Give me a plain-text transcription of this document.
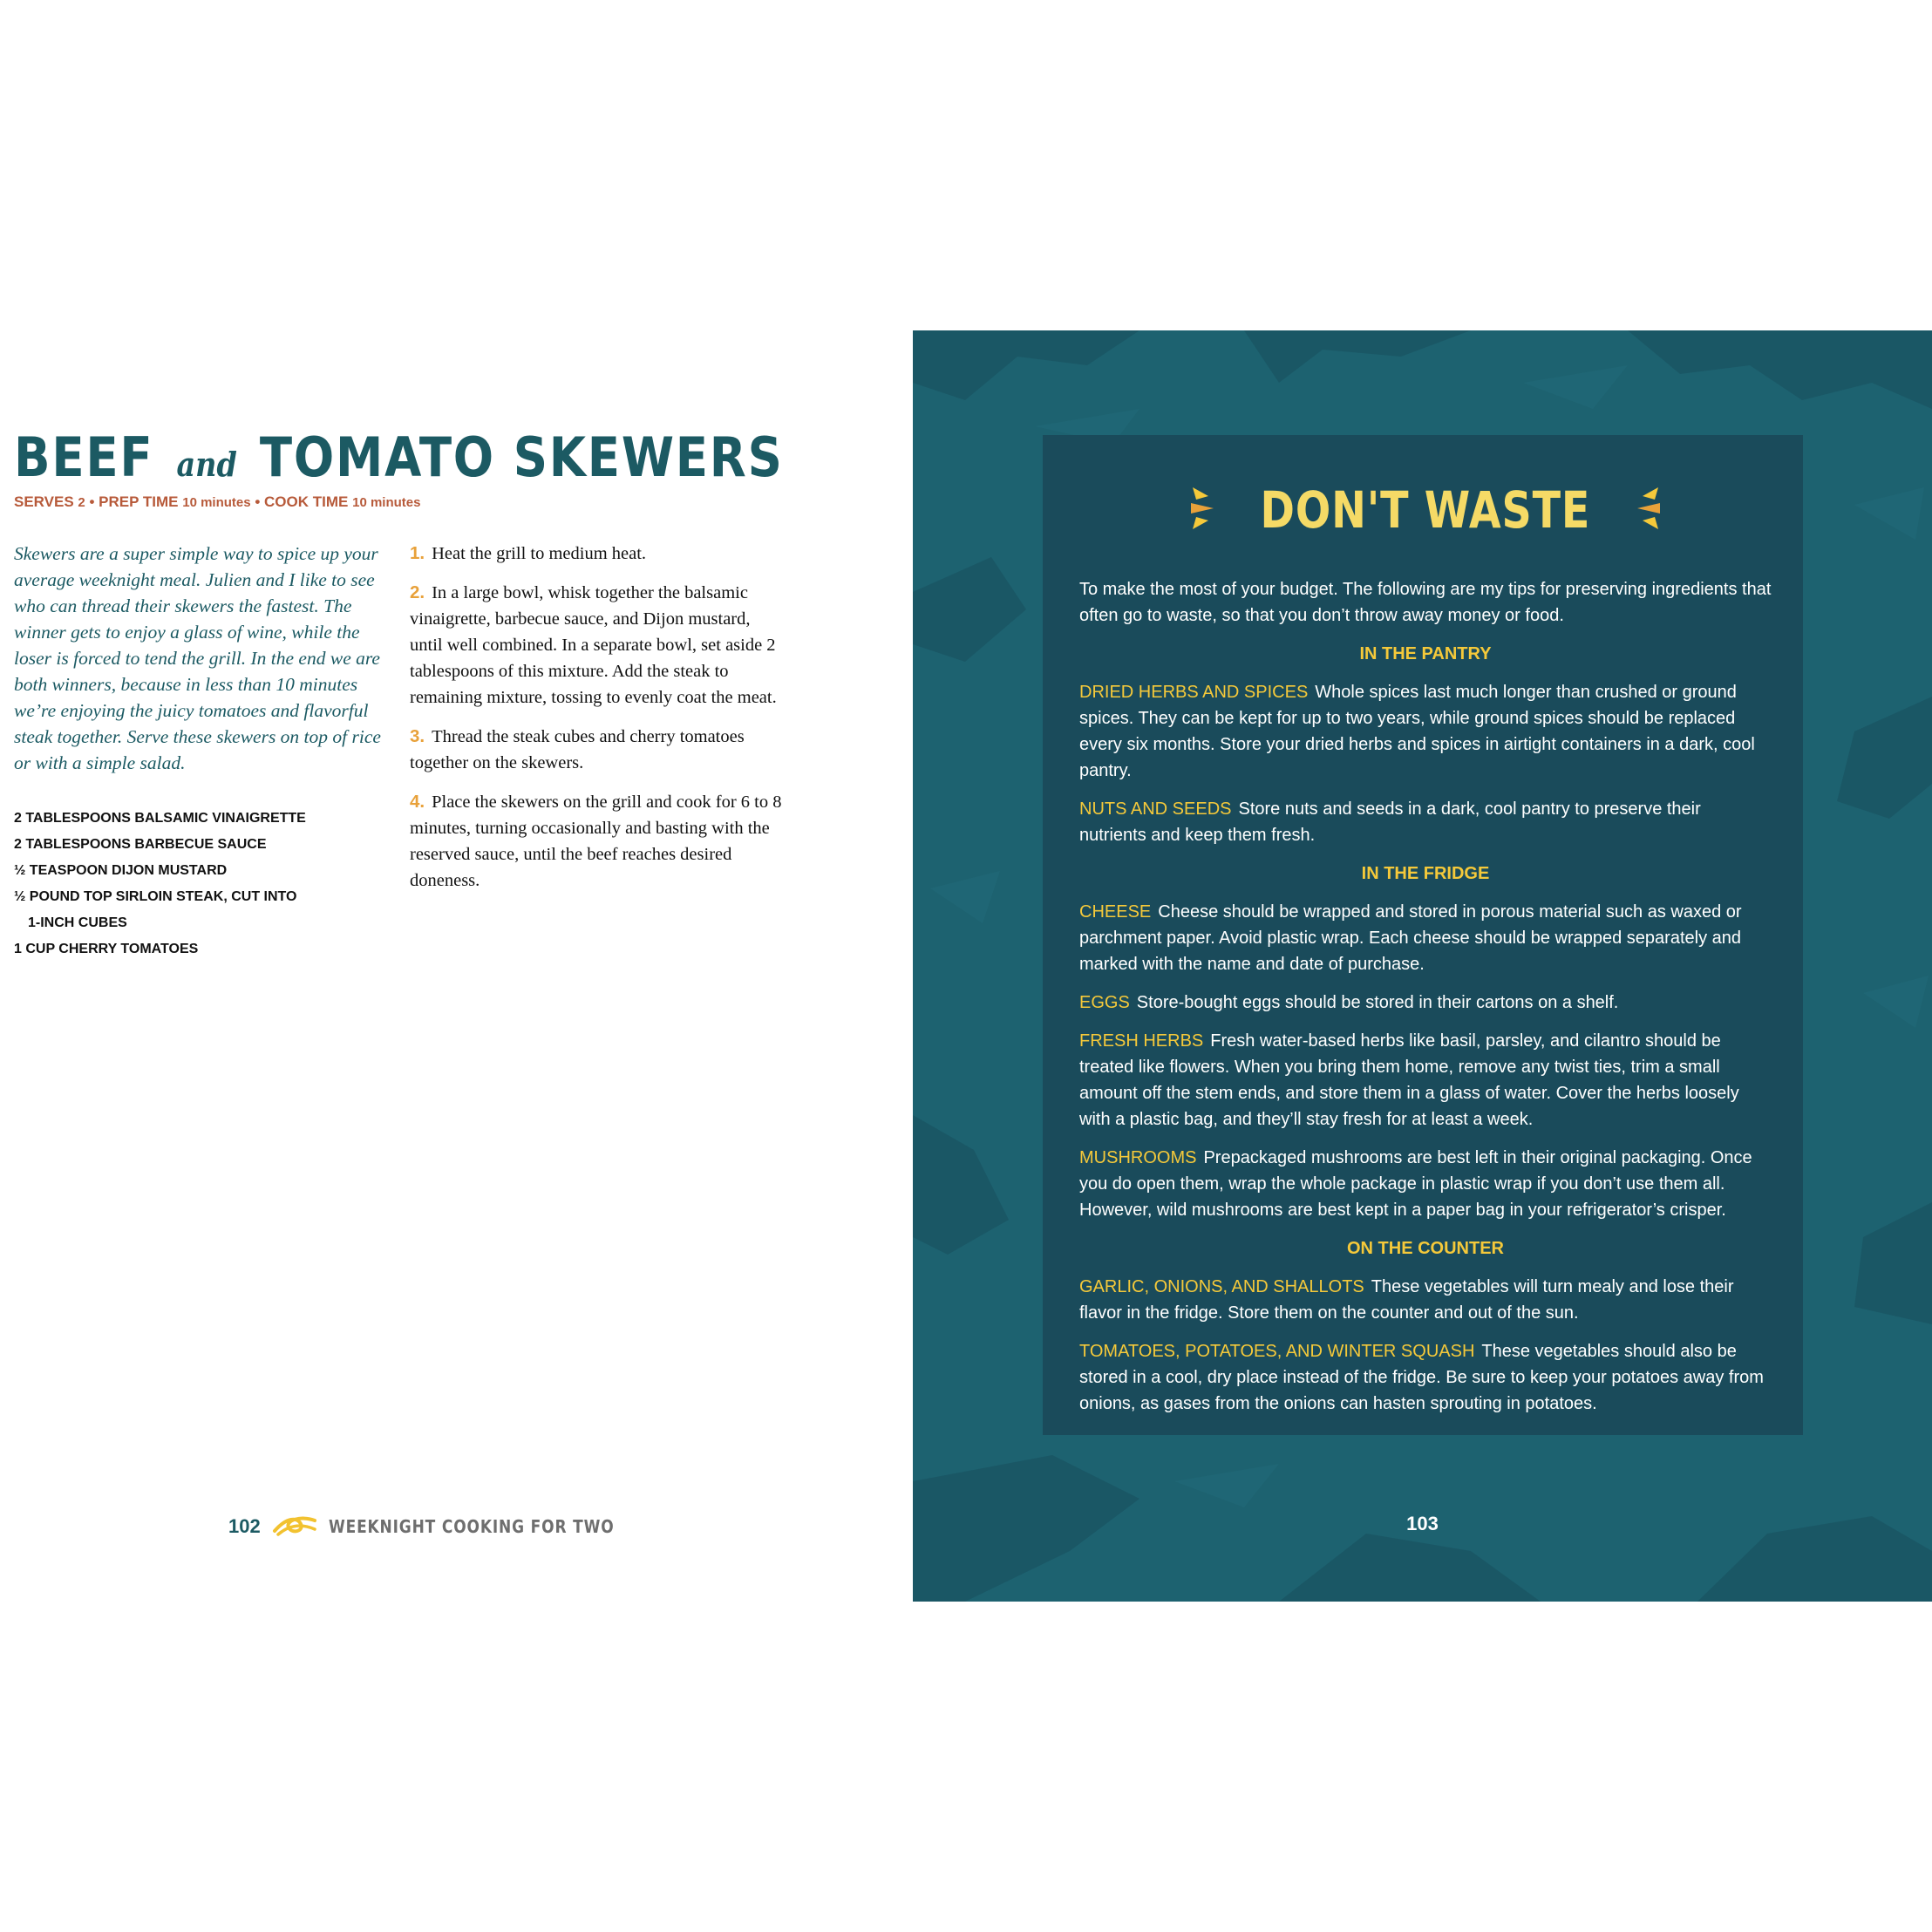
BEEF and TOMATO SKEWERS
SERVES 2 • PREP TIME 10 minutes • COOK TIME 10 minutes

Skewers are a super simple way to spice up your average weeknight meal. Julien and I like to see who can thread their skewers the fastest. The winner gets to enjoy a glass of wine, while the loser is forced to tend the grill. In the end we are both winners, because in less than 10 minutes we’re enjoying the juicy tomatoes and flavorful steak together. Serve these skewers on top of rice or with a simple salad.

2 TABLESPOONS BALSAMIC VINAIGRETTE
2 TABLESPOONS BARBECUE SAUCE
½ TEASPOON DIJON MUSTARD
½ POUND TOP SIRLOIN STEAK, CUT INTO
1-INCH CUBES
1 CUP CHERRY TOMATOES
1. Heat the grill to medium heat.
2. In a large bowl, whisk together the balsamic vinaigrette, barbecue sauce, and Dijon mustard, until well combined. In a separate bowl, set aside 2 tablespoons of this mixture. Add the steak to remaining mixture, tossing to evenly coat the meat.
3. Thread the steak cubes and cherry tomatoes together on the skewers.
4. Place the skewers on the grill and cook for 6 to 8 minutes, turning occasionally and basting with the reserved sauce, until the beef reaches desired doneness.
102	WEEKNIGHT COOKING FOR TWO
DON'T WASTE

To make the most of your budget. The following are my tips for preserving ingredients that often go to waste, so that you don’t throw away money or food.

IN THE PANTRY

DRIED HERBS AND SPICES Whole spices last much longer than crushed or ground spices. They can be kept for up to two years, while ground spices should be replaced every six months. Store your dried herbs and spices in airtight containers in a dark, cool pantry.

NUTS AND SEEDS Store nuts and seeds in a dark, cool pantry to preserve their nutrients and keep them fresh.

IN THE FRIDGE

CHEESE Cheese should be wrapped and stored in porous material such as waxed or parchment paper. Avoid plastic wrap. Each cheese should be wrapped separately and marked with the name and date of purchase.

EGGS Store-bought eggs should be stored in their cartons on a shelf.

FRESH HERBS Fresh water-based herbs like basil, parsley, and cilantro should be treated like flowers. When you bring them home, remove any twist ties, trim a small amount off the stem ends, and store them in a glass of water. Cover the herbs loosely with a plastic bag, and they’ll stay fresh for at least a week.

MUSHROOMS Prepackaged mushrooms are best left in their original packaging. Once you do open them, wrap the whole package in plastic wrap if you don’t use them all. However, wild mushrooms are best kept in a paper bag in your refrigerator’s crisper.

ON THE COUNTER

GARLIC, ONIONS, AND SHALLOTS These vegetables will turn mealy and lose their flavor in the fridge. Store them on the counter and out of the sun.

TOMATOES, POTATOES, AND WINTER SQUASH These vegetables should also be stored in a cool, dry place instead of the fridge. Be sure to keep your potatoes away from onions, as gases from the onions can hasten sprouting in potatoes.

103
